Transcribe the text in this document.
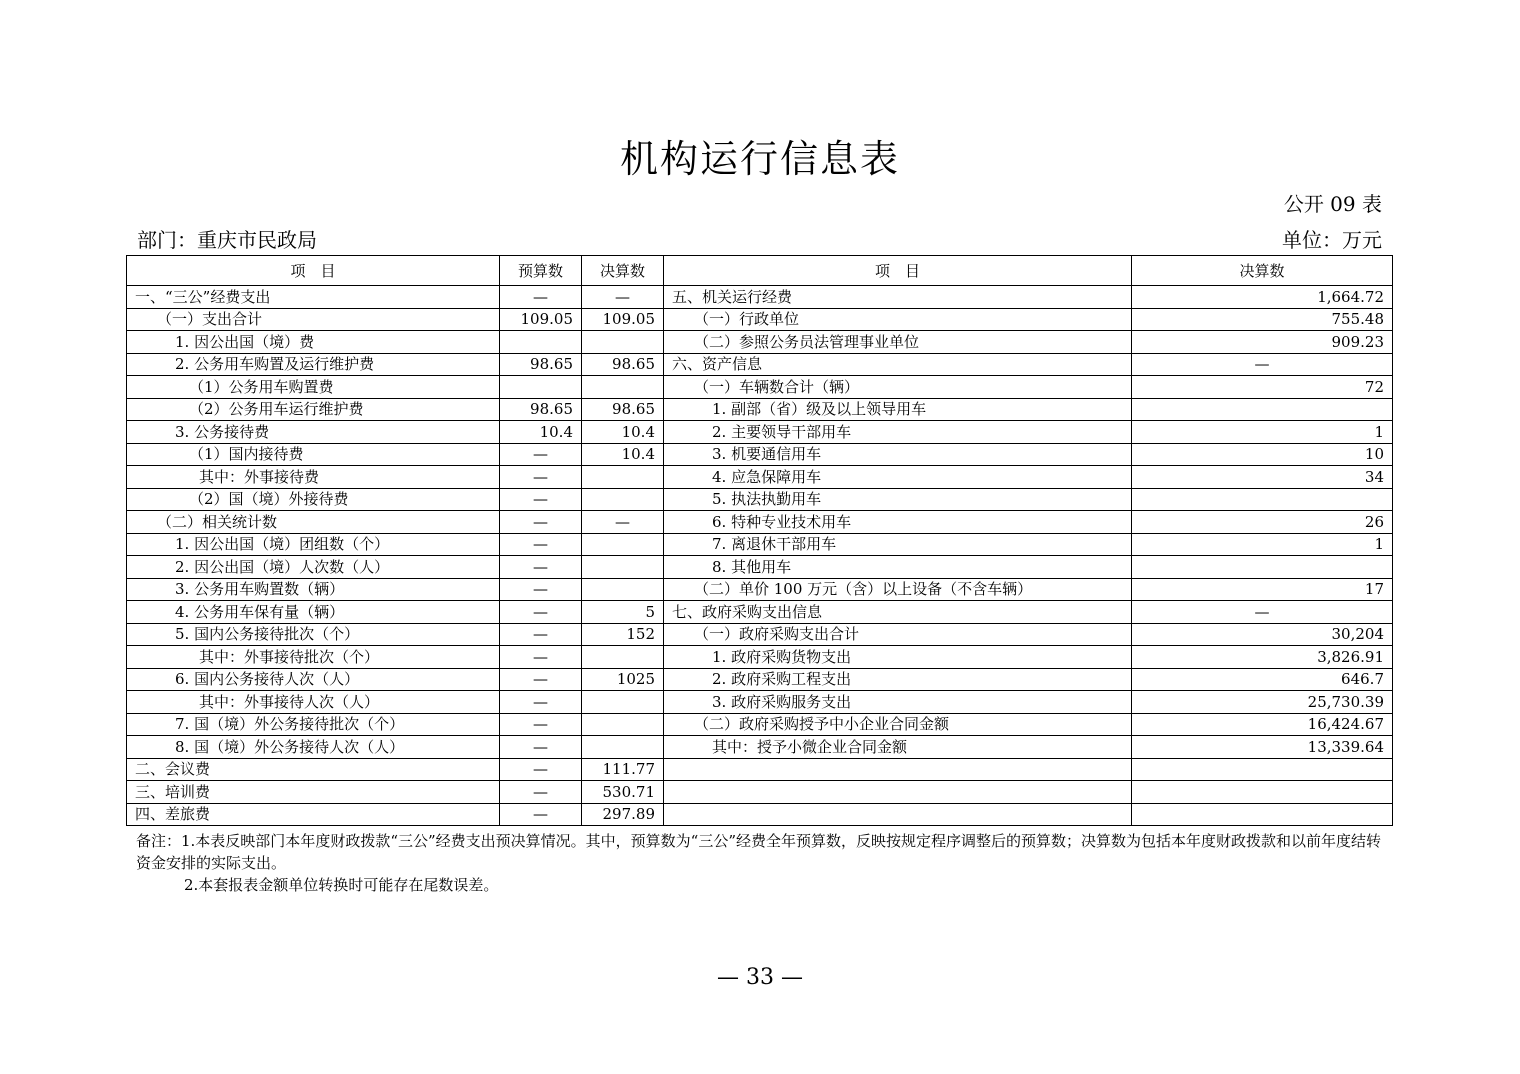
机构运行信息表
公开 09 表
部门：重庆市民政局	单位：万元
项　目	预算数	决算数	项　目	决算数
一、“三公”经费支出	—	—	五、机关运行经费	1,664.72
（一）支出合计	109.05	109.05	（一）行政单位	755.48
1. 因公出国（境）费			（二）参照公务员法管理事业单位	909.23
2. 公务用车购置及运行维护费	98.65	98.65	六、资产信息	—
（1）公务用车购置费			（一）车辆数合计（辆）	72
（2）公务用车运行维护费	98.65	98.65	1. 副部（省）级及以上领导用车	
3. 公务接待费	10.4	10.4	2. 主要领导干部用车	1
（1）国内接待费	—	10.4	3. 机要通信用车	10
其中：外事接待费	—		4. 应急保障用车	34
（2）国（境）外接待费	—		5. 执法执勤用车	
（二）相关统计数	—	—	6. 特种专业技术用车	26
1. 因公出国（境）团组数（个）	—		7. 离退休干部用车	1
2. 因公出国（境）人次数（人）	—		8. 其他用车	
3. 公务用车购置数（辆）	—		（二）单价 100 万元（含）以上设备（不含车辆）	17
4. 公务用车保有量（辆）	—	5	七、政府采购支出信息	—
5. 国内公务接待批次（个）	—	152	（一）政府采购支出合计	30,204
其中：外事接待批次（个）	—		1. 政府采购货物支出	3,826.91
6. 国内公务接待人次（人）	—	1025	2. 政府采购工程支出	646.7
其中：外事接待人次（人）	—		3. 政府采购服务支出	25,730.39
7. 国（境）外公务接待批次（个）	—		（二）政府采购授予中小企业合同金额	16,424.67
8. 国（境）外公务接待人次（人）	—		其中：授予小微企业合同金额	13,339.64
二、会议费	—	111.77		
三、培训费	—	530.71		
四、差旅费	—	297.89		
备注：1.本表反映部门本年度财政拨款“三公”经费支出预决算情况。其中，预算数为“三公”经费全年预算数，反映按规定程序调整后的预算数；决算数为包括本年度财政拨款和以前年度结转资金安排的实际支出。
2.本套报表金额单位转换时可能存在尾数误差。
— 33 —
